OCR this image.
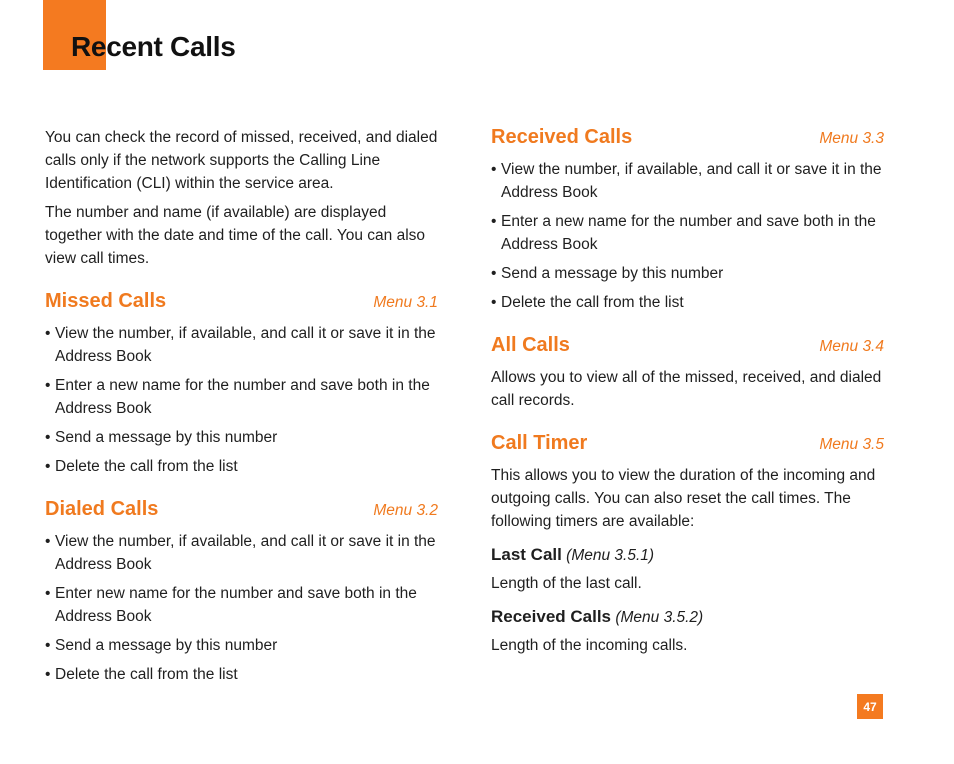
Recent Calls

You can check the record of missed, received, and dialed calls only if the network supports the Calling Line Identification (CLI) within the service area.

The number and name (if available) are displayed together with the date and time of the call. You can also view call times.

Missed Calls	Menu 3.1
• View the number, if available, and call it or save it in the Address Book
• Enter a new name for the number and save both in the Address Book
• Send a message by this number
• Delete the call from the list
Dialed Calls	Menu 3.2
• View the number, if available, and call it or save it in the Address Book
• Enter new name for the number and save both in the Address Book
• Send a message by this number
• Delete the call from the list
Received Calls	Menu 3.3
• View the number, if available, and call it or save it in the Address Book
• Enter a new name for the number and save both in the Address Book
• Send a message by this number
• Delete the call from the list
All Calls	Menu 3.4

Allows you to view all of the missed, received, and dialed call records.

Call Timer	Menu 3.5

This allows you to view the duration of the incoming and outgoing calls. You can also reset the call times. The following timers are available:

Last Call (Menu 3.5.1)

Length of the last call.

Received Calls (Menu 3.5.2)

Length of the incoming calls.

47
